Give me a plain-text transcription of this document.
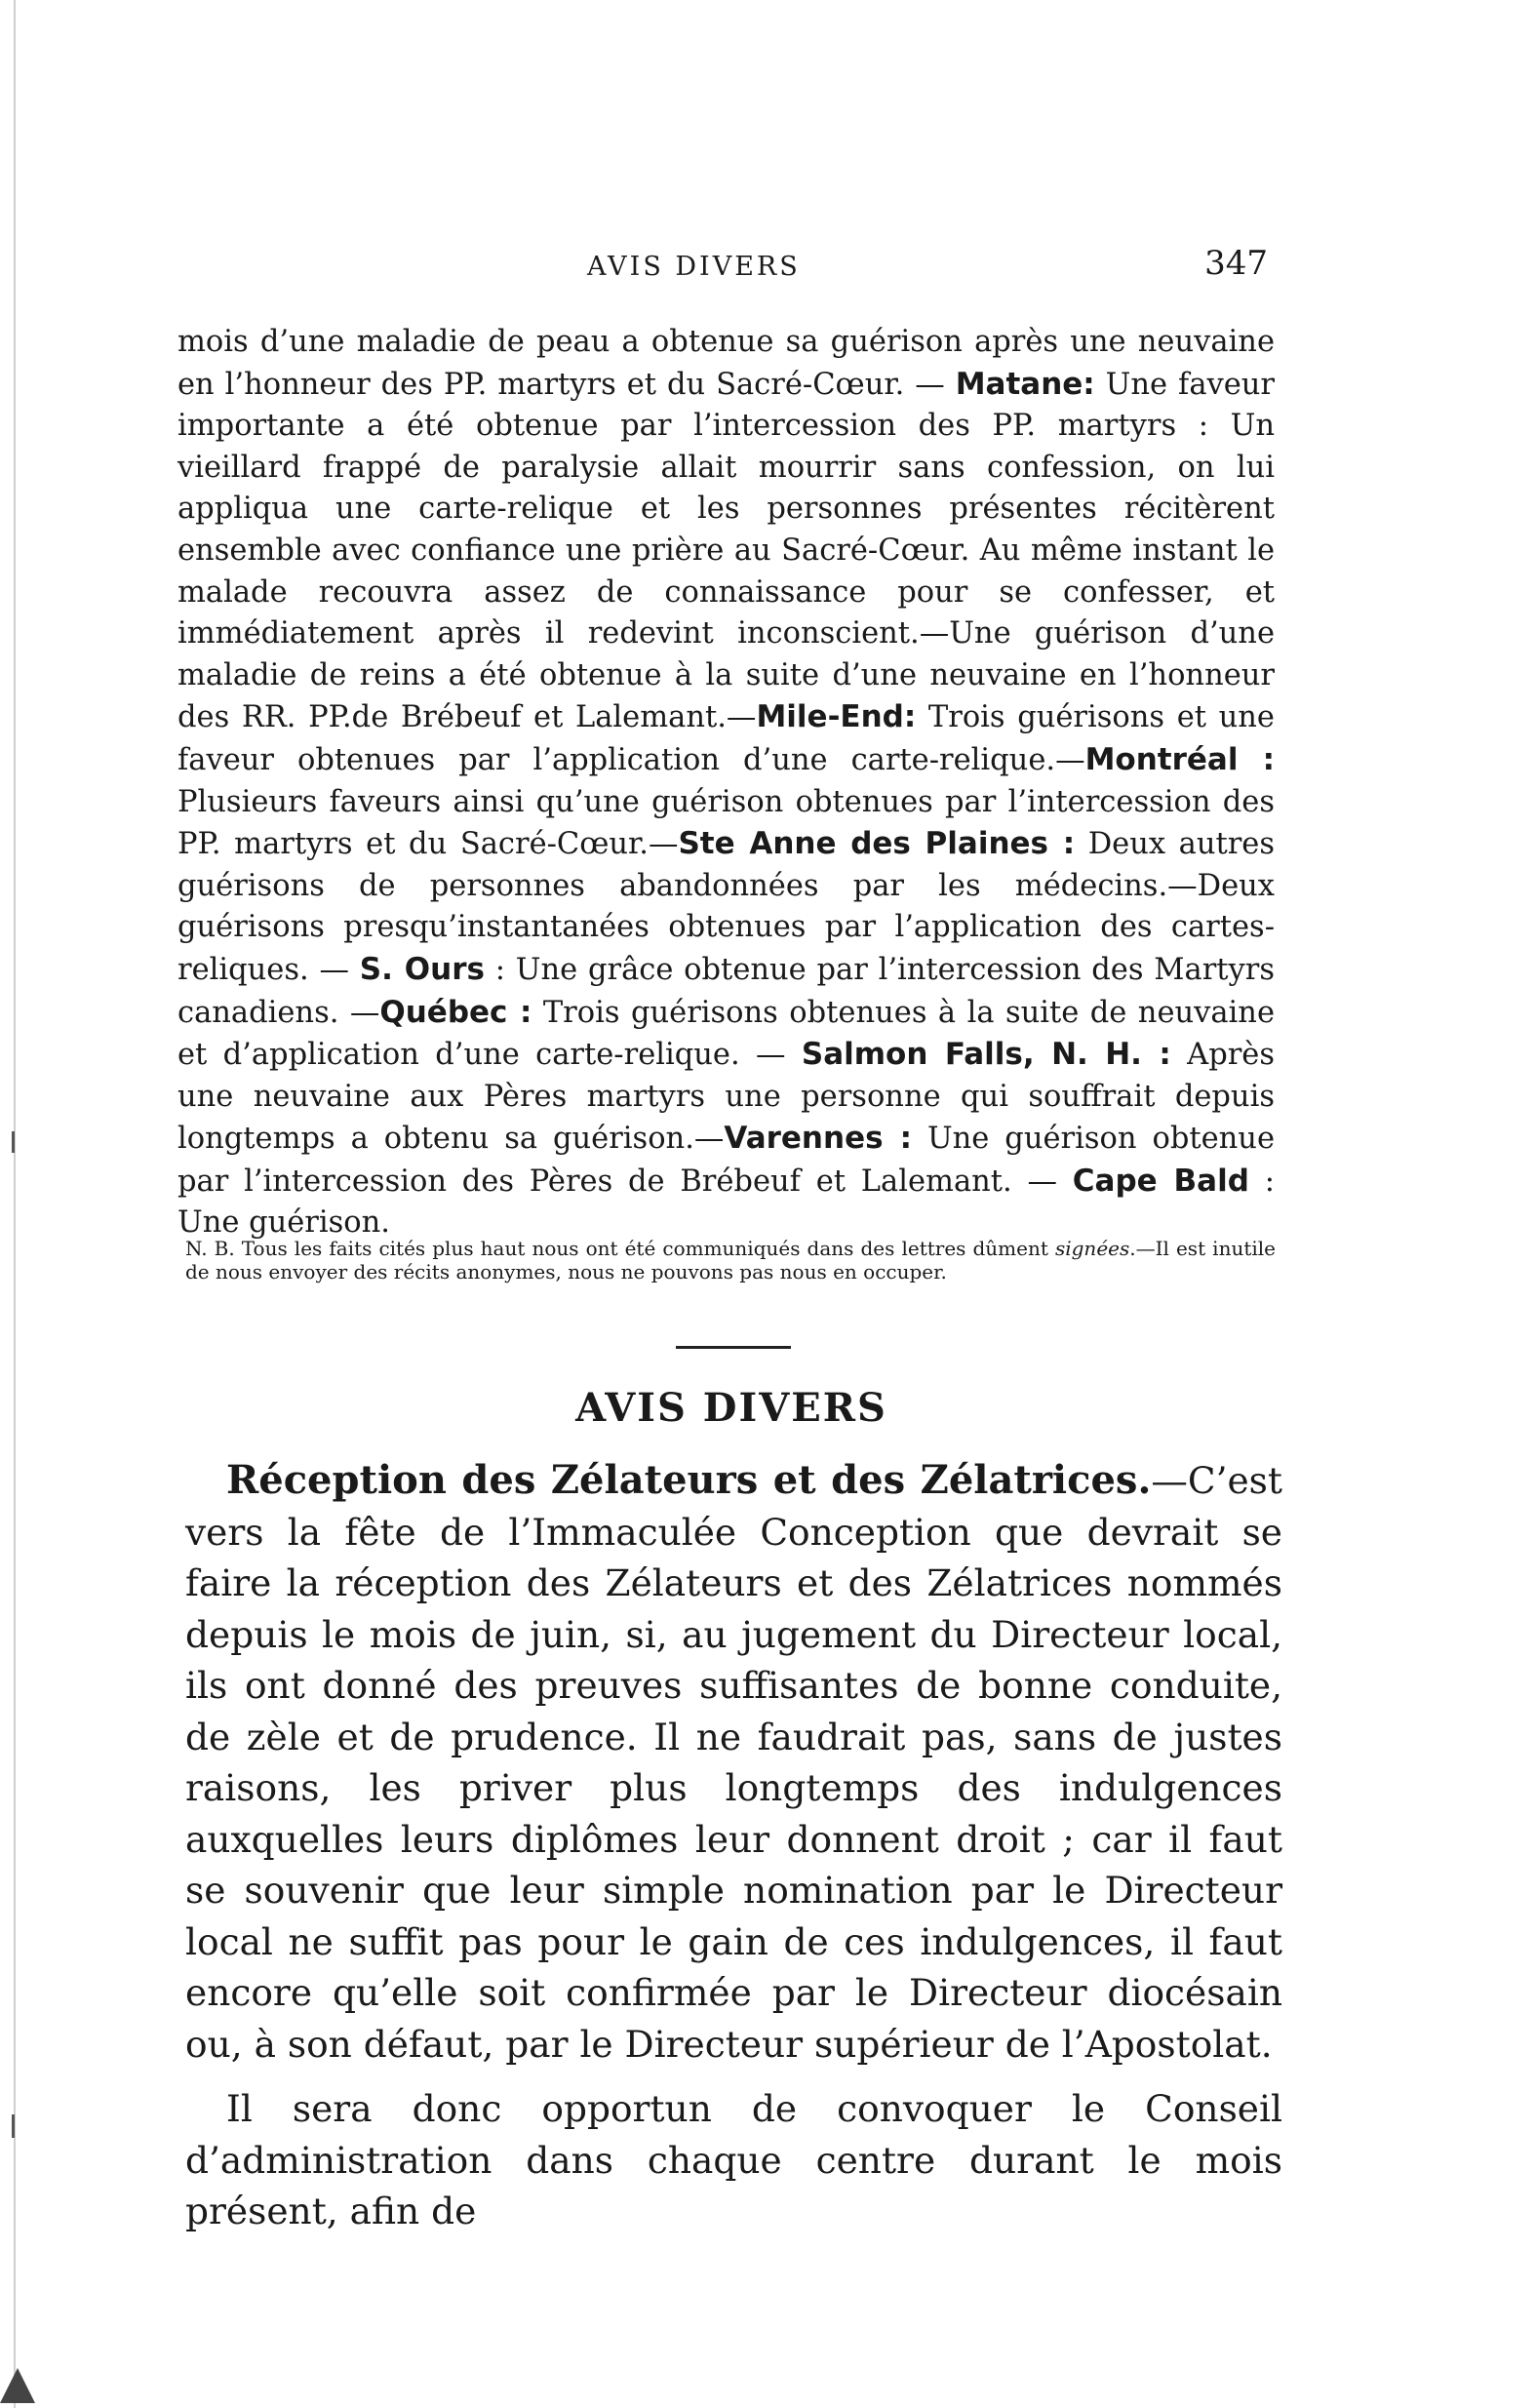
AVIS DIVERS	347

mois d’une maladie de peau a obtenue sa guérison après une neuvaine en l’honneur des PP. martyrs et du Sacré-Cœur. — Matane: Une faveur importante a été obtenue par l’intercession des PP. martyrs : Un vieillard frappé de paralysie allait mourrir sans confession, on lui appliqua une carte-relique et les personnes présentes récitèrent ensemble avec confiance une prière au Sacré-Cœur. Au même instant le malade recouvra assez de connaissance pour se confesser, et immédiatement après il redevint inconscient.—Une guérison d’une maladie de reins a été obtenue à la suite d’une neuvaine en l’honneur des RR. PP.de Brébeuf et Lalemant.—Mile-End: Trois guérisons et une faveur obtenues par l’application d’une carte-relique.—Montréal : Plusieurs faveurs ainsi qu’une guérison obtenues par l’intercession des PP. martyrs et du Sacré-Cœur.—Ste Anne des Plaines : Deux autres guérisons de personnes abandonnées par les médecins.—Deux guérisons presqu’instantanées obtenues par l’application des cartes-reliques. — S. Ours : Une grâce obtenue par l’intercession des Martyrs canadiens. —Québec : Trois guérisons obtenues à la suite de neuvaine et d’application d’une carte-relique. — Salmon Falls, N. H. : Après une neuvaine aux Pères martyrs une personne qui souffrait depuis longtemps a obtenu sa guérison.—Varennes : Une guérison obtenue par l’intercession des Pères de Brébeuf et Lalemant. — Cape Bald : Une guérison.

N. B. Tous les faits cités plus haut nous ont été communiqués dans des lettres dûment signées.—Il est inutile de nous envoyer des récits anonymes, nous ne pouvons pas nous en occuper.

AVIS DIVERS

Réception des Zélateurs et des Zélatrices.—C’est vers la fête de l’Immaculée Conception que devrait se faire la réception des Zélateurs et des Zélatrices nommés depuis le mois de juin, si, au jugement du Directeur local, ils ont donné des preuves suffisantes de bonne conduite, de zèle et de prudence. Il ne faudrait pas, sans de justes raisons, les priver plus longtemps des indulgences auxquelles leurs diplômes leur donnent droit ; car il faut se souvenir que leur simple nomination par le Directeur local ne suffit pas pour le gain de ces indulgences, il faut encore qu’elle soit confirmée par le Directeur diocésain ou, à son défaut, par le Directeur supérieur de l’Apostolat.

Il sera donc opportun de convoquer le Conseil d’administration dans chaque centre durant le mois présent, afin de
